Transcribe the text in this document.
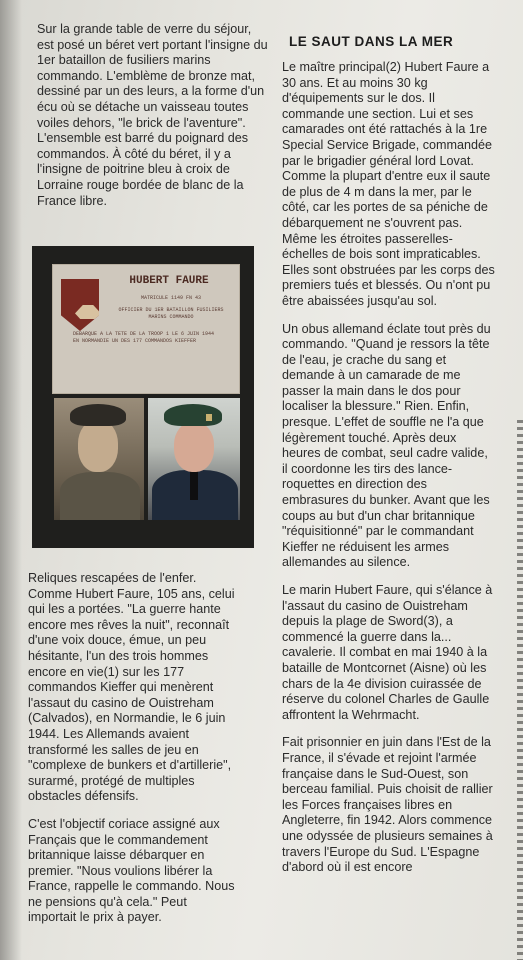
Sur la grande table de verre du séjour, est posé un béret vert portant l'insigne du 1er bataillon de fusiliers marins commando. L'emblème de bronze mat, dessiné par un des leurs, a la forme d'un écu où se détache un vaisseau toutes voiles dehors, "le brick de l'aventure". L'ensemble est barré du poignard des commandos. À côté du béret, il y a l'insigne de poitrine bleu à croix de Lorraine rouge bordée de blanc de la France libre.

HUBERT FAURE
MATRICULE 1149 FN 43
OFFICIER DU 1ER BATAILLON FUSILIERS MARINS COMMANDO
DEBARQUE A LA TETE DE LA TROOP 1 LE 6 JUIN 1944 EN NORMANDIE UN DES 177 COMMANDOS KIEFFER

Reliques rescapées de l'enfer. Comme Hubert Faure, 105 ans, celui qui les a portées. "La guerre hante encore mes rêves la nuit", reconnaît d'une voix douce, émue, un peu hésitante, l'un des trois hommes encore en vie(1) sur les 177 commandos Kieffer qui menèrent l'assaut du casino de Ouistreham (Calvados), en Normandie, le 6 juin 1944. Les Allemands avaient transformé les salles de jeu en "complexe de bunkers et d'artillerie", surarmé, protégé de multiples obstacles défensifs.

C'est l'objectif coriace assigné aux Français que le commandement britannique laisse débarquer en premier. "Nous voulions libérer la France, rappelle le commando. Nous ne pensions qu'à cela." Peut importait le prix à payer.

LE SAUT DANS LA MER

Le maître principal(2) Hubert Faure a 30 ans. Et au moins 30 kg d'équipements sur le dos. Il commande une section. Lui et ses camarades ont été rattachés à la 1re Special Service Brigade, commandée par le brigadier général lord Lovat. Comme la plupart d'entre eux il saute de plus de 4 m dans la mer, par le côté, car les portes de sa péniche de débarquement ne s'ouvrent pas. Même les étroites passerelles-échelles de bois sont impraticables. Elles sont obstruées par les corps des premiers tués et blessés. Ou n'ont pu être abaissées jusqu'au sol.

Un obus allemand éclate tout près du commando. "Quand je ressors la tête de l'eau, je crache du sang et demande à un camarade de me passer la main dans le dos pour localiser la blessure." Rien. Enfin, presque. L'effet de souffle ne l'a que légèrement touché. Après deux heures de combat, seul cadre valide, il coordonne les tirs des lance-roquettes en direction des embrasures du bunker. Avant que les coups au but d'un char britannique "réquisitionné" par le commandant Kieffer ne réduisent les armes allemandes au silence.

Le marin Hubert Faure, qui s'élance à l'assaut du casino de Ouistreham depuis la plage de Sword(3), a commencé la guerre dans la... cavalerie. Il combat en mai 1940 à la bataille de Montcornet (Aisne) où les chars de la 4e division cuirassée de réserve du colonel Charles de Gaulle affrontent la Wehrmacht.

Fait prisonnier en juin dans l'Est de la France, il s'évade et rejoint l'armée française dans le Sud-Ouest, son berceau familial. Puis choisit de rallier les Forces françaises libres en Angleterre, fin 1942. Alors commence une odyssée de plusieurs semaines à travers l'Europe du Sud. L'Espagne d'abord où il est encore
